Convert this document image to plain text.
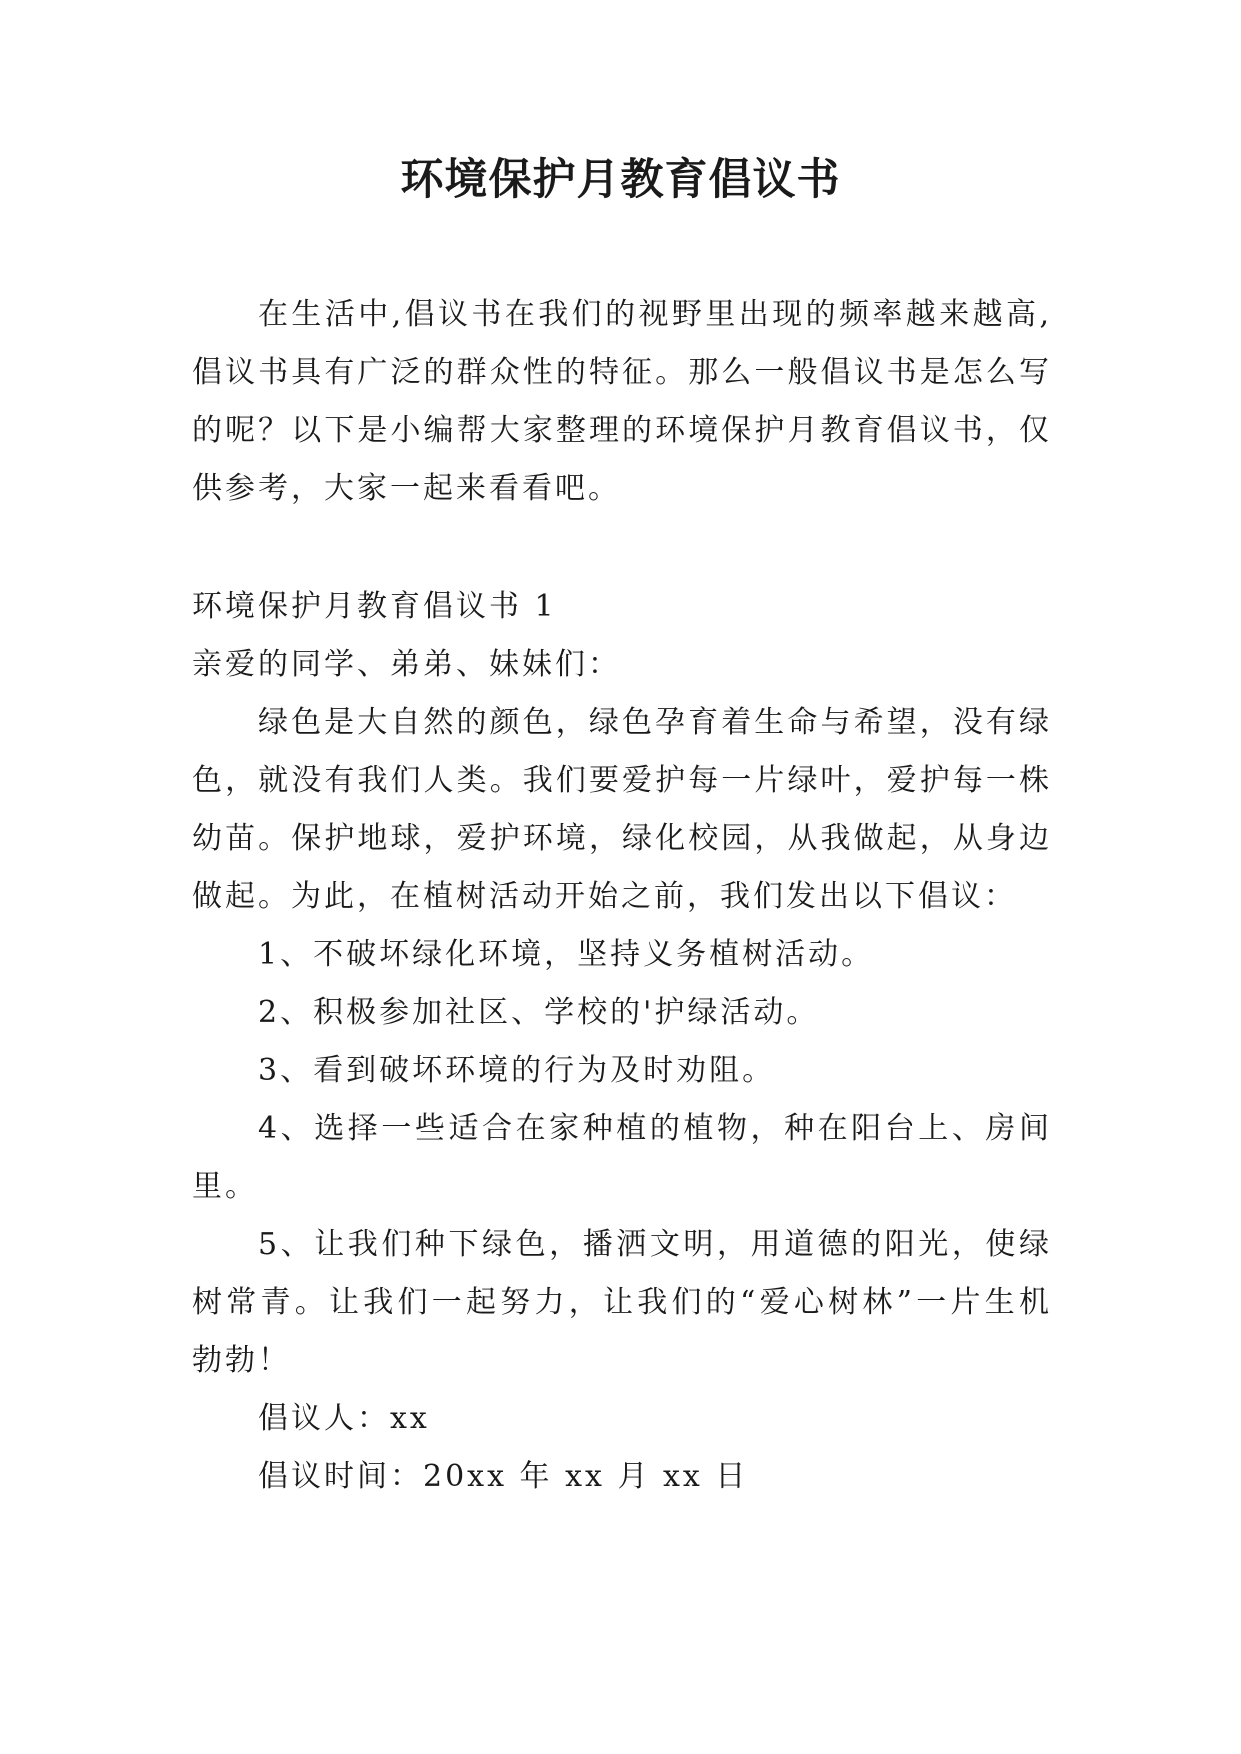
环境保护月教育倡议书

在生活中,倡议书在我们的视野里出现的频率越来越高,倡议书具有广泛的群众性的特征。那么一般倡议书是怎么写的呢？以下是小编帮大家整理的环境保护月教育倡议书，仅供参考，大家一起来看看吧。

环境保护月教育倡议书 1

亲爱的同学、弟弟、妹妹们：

绿色是大自然的颜色，绿色孕育着生命与希望，没有绿色，就没有我们人类。我们要爱护每一片绿叶，爱护每一株幼苗。保护地球，爱护环境，绿化校园，从我做起，从身边做起。为此，在植树活动开始之前，我们发出以下倡议：

1、不破坏绿化环境，坚持义务植树活动。

2、积极参加社区、学校的'护绿活动。

3、看到破坏环境的行为及时劝阻。

4、选择一些适合在家种植的植物，种在阳台上、房间里。

5、让我们种下绿色，播洒文明，用道德的阳光，使绿树常青。让我们一起努力，让我们的“爱心树林”一片生机勃勃！

倡议人：xx

倡议时间：20xx 年 xx 月 xx 日
